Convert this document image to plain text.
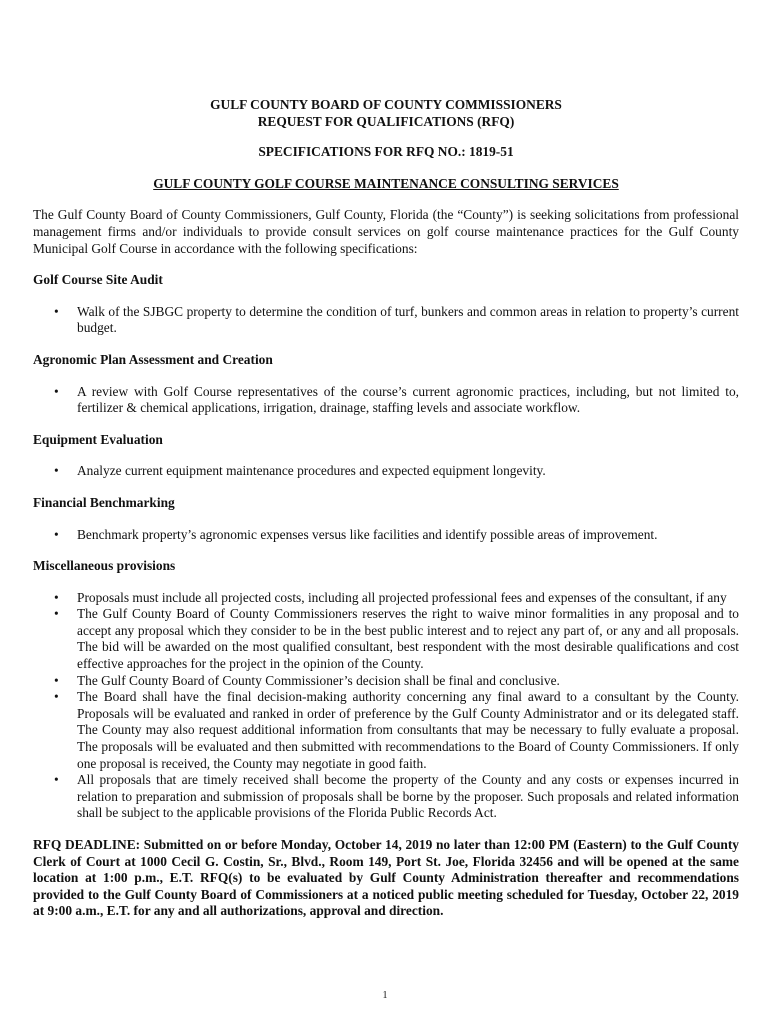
GULF COUNTY BOARD OF COUNTY COMMISSIONERS

REQUEST FOR QUALIFICATIONS (RFQ)

SPECIFICATIONS FOR RFQ NO.: 1819-51

GULF COUNTY GOLF COURSE MAINTENANCE CONSULTING SERVICES

The Gulf County Board of County Commissioners, Gulf County, Florida (the “County”) is seeking solicitations from professional management firms and/or individuals to provide consult services on golf course maintenance practices for the Gulf County Municipal Golf Course in accordance with the following specifications:

Golf Course Site Audit

• Walk of the SJBGC property to determine the condition of turf, bunkers and common areas in relation to property’s current budget.

Agronomic Plan Assessment and Creation

• A review with Golf Course representatives of the course’s current agronomic practices, including, but not limited to, fertilizer & chemical applications, irrigation, drainage, staffing levels and associate workflow.

Equipment Evaluation

• Analyze current equipment maintenance procedures and expected equipment longevity.

Financial Benchmarking

• Benchmark property’s agronomic expenses versus like facilities and identify possible areas of improvement.

Miscellaneous provisions

• Proposals must include all projected costs, including all projected professional fees and expenses of the consultant, if any
• The Gulf County Board of County Commissioners reserves the right to waive minor formalities in any proposal and to accept any proposal which they consider to be in the best public interest and to reject any part of, or any and all proposals. The bid will be awarded on the most qualified consultant, best respondent with the most desirable qualifications and cost effective approaches for the project in the opinion of the County.
• The Gulf County Board of County Commissioner’s decision shall be final and conclusive.
• The Board shall have the final decision-making authority concerning any final award to a consultant by the County. Proposals will be evaluated and ranked in order of preference by the Gulf County Administrator and or its delegated staff. The County may also request additional information from consultants that may be necessary to fully evaluate a proposal. The proposals will be evaluated and then submitted with recommendations to the Board of County Commissioners. If only one proposal is received, the County may negotiate in good faith.
• All proposals that are timely received shall become the property of the County and any costs or expenses incurred in relation to preparation and submission of proposals shall be borne by the proposer. Such proposals and related information shall be subject to the applicable provisions of the Florida Public Records Act.

RFQ DEADLINE: Submitted on or before Monday, October 14, 2019 no later than 12:00 PM (Eastern) to the Gulf County Clerk of Court at 1000 Cecil G. Costin, Sr., Blvd., Room 149, Port St. Joe, Florida 32456 and will be opened at the same location at 1:00 p.m., E.T. RFQ(s) to be evaluated by Gulf County Administration thereafter and recommendations provided to the Gulf County Board of Commissioners at a noticed public meeting scheduled for Tuesday, October 22, 2019 at 9:00 a.m., E.T. for any and all authorizations, approval and direction.

1
